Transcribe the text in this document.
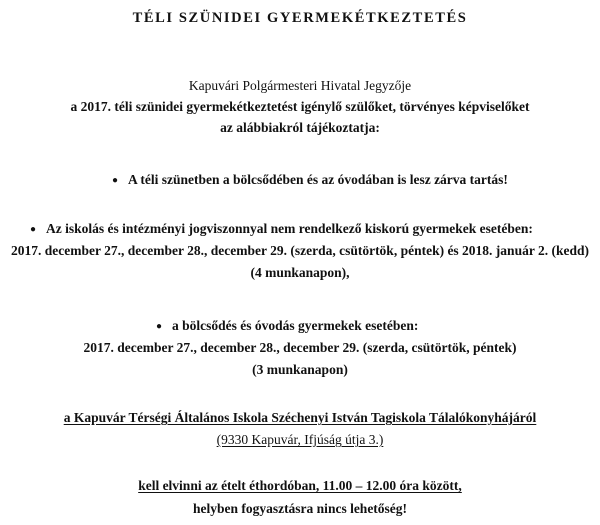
TÉLI SZÜNIDEI GYERMEKÉTKEZTETÉS
Kapuvári Polgármesteri Hivatal Jegyzője
a 2017. téli szünidei gyermekétkeztetést igénylő szülőket, törvényes képviselőket
az alábbiakról tájékoztatja:
● A téli szünetben a bölcsődében és az óvodában is lesz zárva tartás!
● Az iskolás és intézményi jogviszonnyal nem rendelkező kiskorú gyermekek esetében:
2017. december 27., december 28., december 29. (szerda, csütörtök, péntek) és 2018. január 2. (kedd)
(4 munkanapon),
● a bölcsődés és óvodás gyermekek esetében:
2017. december 27., december 28., december 29. (szerda, csütörtök, péntek)
(3 munkanapon)
a Kapuvár Térségi Általános Iskola Széchenyi István Tagiskola Tálalókonyhájáról
(9330 Kapuvár, Ifjúság útja 3.)
kell elvinni az ételt éthordóban, 11.00 – 12.00 óra között,
helyben fogyasztásra nincs lehetőség!
